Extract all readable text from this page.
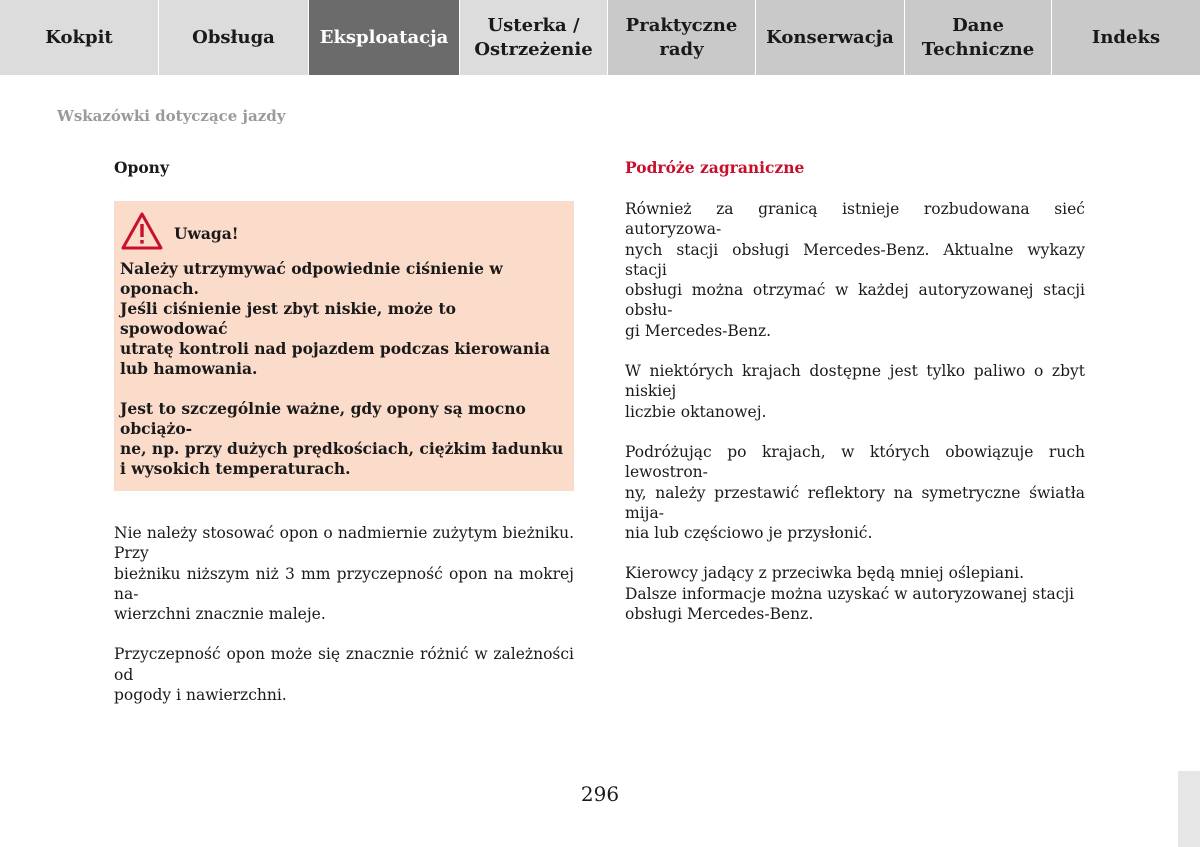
Kokpit	Obsługa	Eksploatacja
Usterka /
Ostrzeżenie
Praktyczne
rady
Konserwacja
Dane
Techniczne
Indeks
Wskazówki dotyczące jazdy
Opony
Uwaga!

Należy utrzymywać odpowiednie ciśnienie w oponach.
Jeśli ciśnienie jest zbyt niskie, może to spowodować
utratę kontroli nad pojazdem podczas kierowania
lub hamowania.

Jest to szczególnie ważne, gdy opony są mocno obciążo-
ne, np. przy dużych prędkościach, ciężkim ładunku
i wysokich temperaturach.

Nie należy stosować opon o nadmiernie zużytym bieżniku. Przy
bieżniku niższym niż 3 mm przyczepność opon na mokrej na-
wierzchni znacznie maleje.

Przyczepność opon może się znacznie różnić w zależności od
pogody i nawierzchni.

Podróże zagraniczne

Również za granicą istnieje rozbudowana sieć autoryzowa-
nych stacji obsługi Mercedes-Benz. Aktualne wykazy stacji
obsługi można otrzymać w każdej autoryzowanej stacji obsłu-
gi Mercedes-Benz.

W niektórych krajach dostępne jest tylko paliwo o zbyt niskiej
liczbie oktanowej.

Podróżując po krajach, w których obowiązuje ruch lewostron-
ny, należy przestawić reflektory na symetryczne światła mija-
nia lub częściowo je przysłonić.

Kierowcy jadący z przeciwka będą mniej oślepiani.
Dalsze informacje można uzyskać w autoryzowanej stacji
obsługi Mercedes-Benz.

296
